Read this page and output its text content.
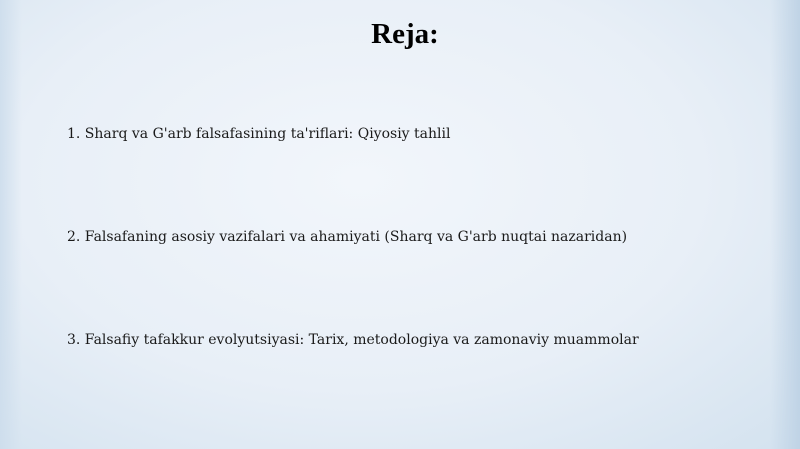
Reja:

1. Sharq va G'arb falsafasining ta'riflari: Qiyosiy tahlil

2. Falsafaning asosiy vazifalari va ahamiyati (Sharq va G'arb nuqtai nazaridan)

3. Falsafiy tafakkur evolyutsiyasi: Tarix, metodologiya va zamonaviy muammolar
